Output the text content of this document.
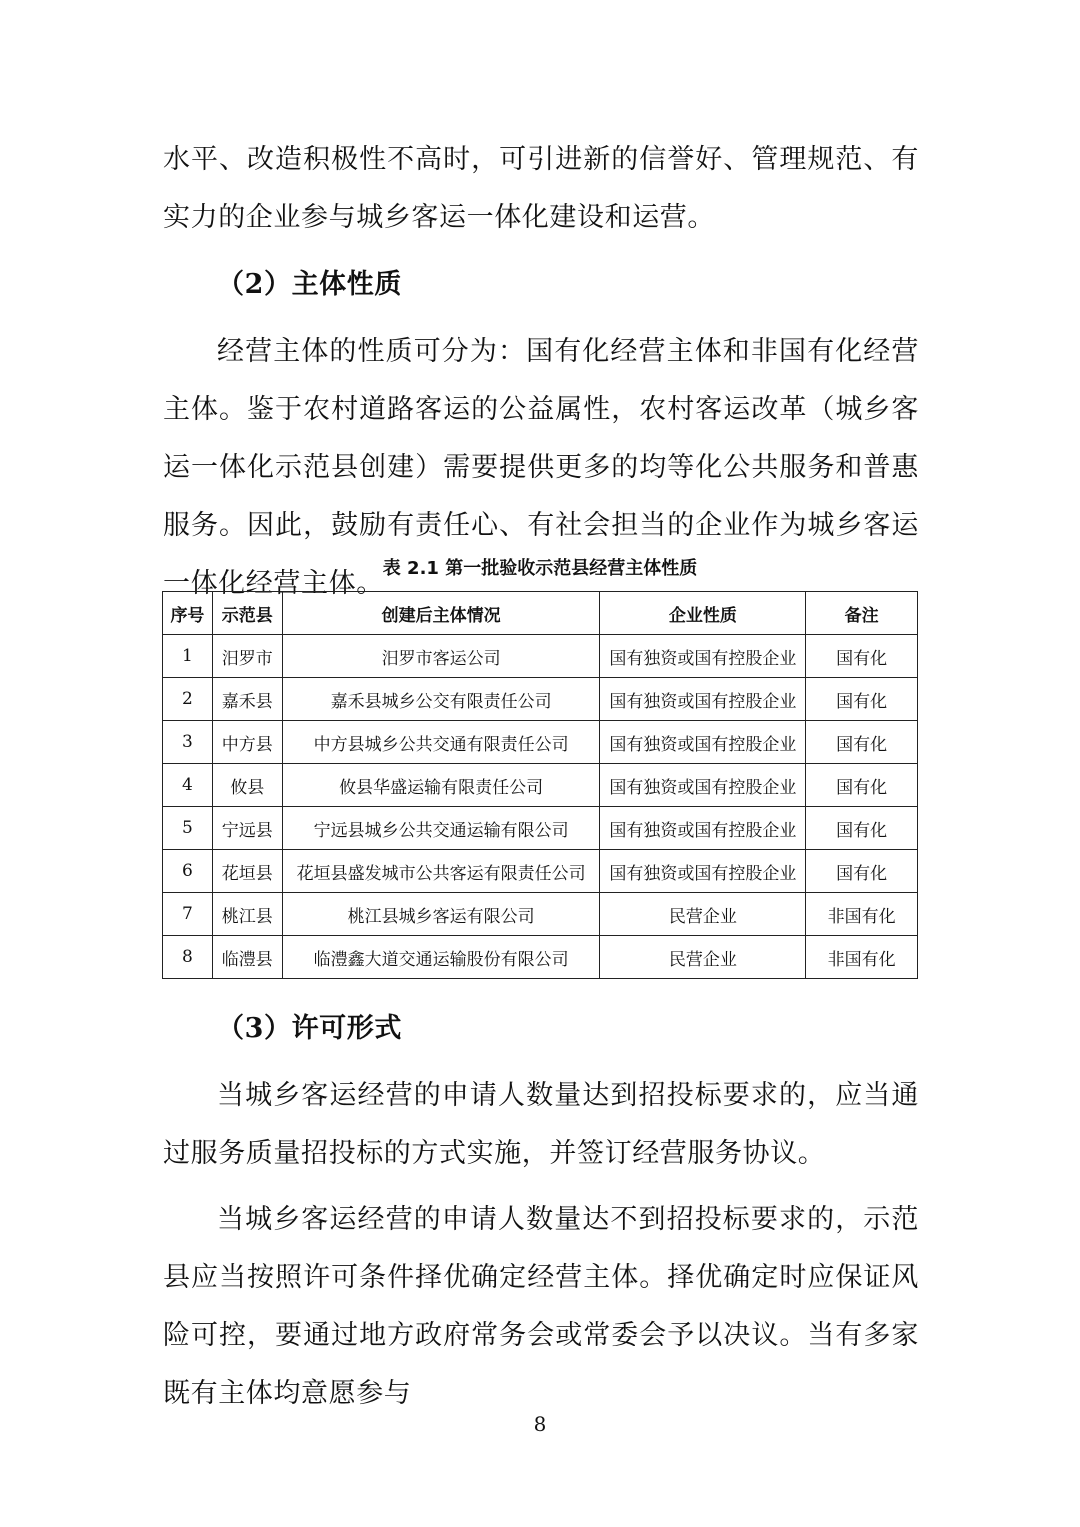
水平、改造积极性不高时，可引进新的信誉好、管理规范、有实力的企业参与城乡客运一体化建设和运营。

（2）主体性质

经营主体的性质可分为：国有化经营主体和非国有化经营主体。鉴于农村道路客运的公益属性，农村客运改革（城乡客运一体化示范县创建）需要提供更多的均等化公共服务和普惠服务。因此，鼓励有责任心、有社会担当的企业作为城乡客运一体化经营主体。

表 2.1 第一批验收示范县经营主体性质
序号	示范县	创建后主体情况	企业性质	备注
1	汨罗市	汨罗市客运公司	国有独资或国有控股企业	国有化
2	嘉禾县	嘉禾县城乡公交有限责任公司	国有独资或国有控股企业	国有化
3	中方县	中方县城乡公共交通有限责任公司	国有独资或国有控股企业	国有化
4	攸县	攸县华盛运输有限责任公司	国有独资或国有控股企业	国有化
5	宁远县	宁远县城乡公共交通运输有限公司	国有独资或国有控股企业	国有化
6	花垣县	花垣县盛发城市公共客运有限责任公司	国有独资或国有控股企业	国有化
7	桃江县	桃江县城乡客运有限公司	民营企业	非国有化
8	临澧县	临澧鑫大道交通运输股份有限公司	民营企业	非国有化

（3）许可形式

当城乡客运经营的申请人数量达到招投标要求的，应当通过服务质量招投标的方式实施，并签订经营服务协议。

当城乡客运经营的申请人数量达不到招投标要求的，示范县应当按照许可条件择优确定经营主体。择优确定时应保证风险可控，要通过地方政府常务会或常委会予以决议。当有多家既有主体均意愿参与

8
